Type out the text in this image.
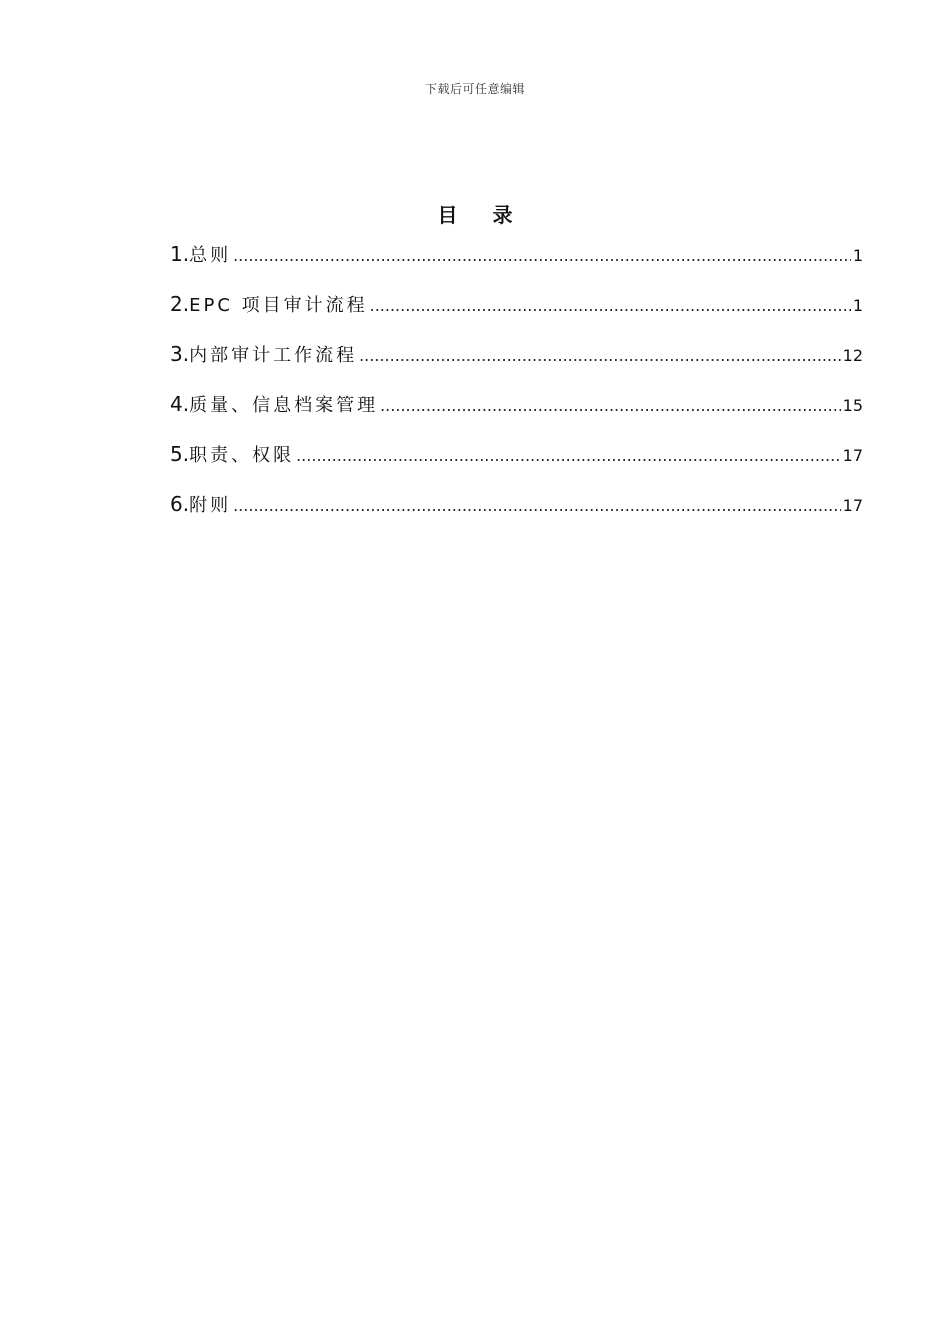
下载后可任意编辑
目 录
1. 总则 .....	1
2. EPC 项目审计流程 .....	1
3. 内部审计工作流程 .....	12
4. 质量、信息档案管理 .....	15
5. 职责、权限 .....	17
6. 附则 .....	17
